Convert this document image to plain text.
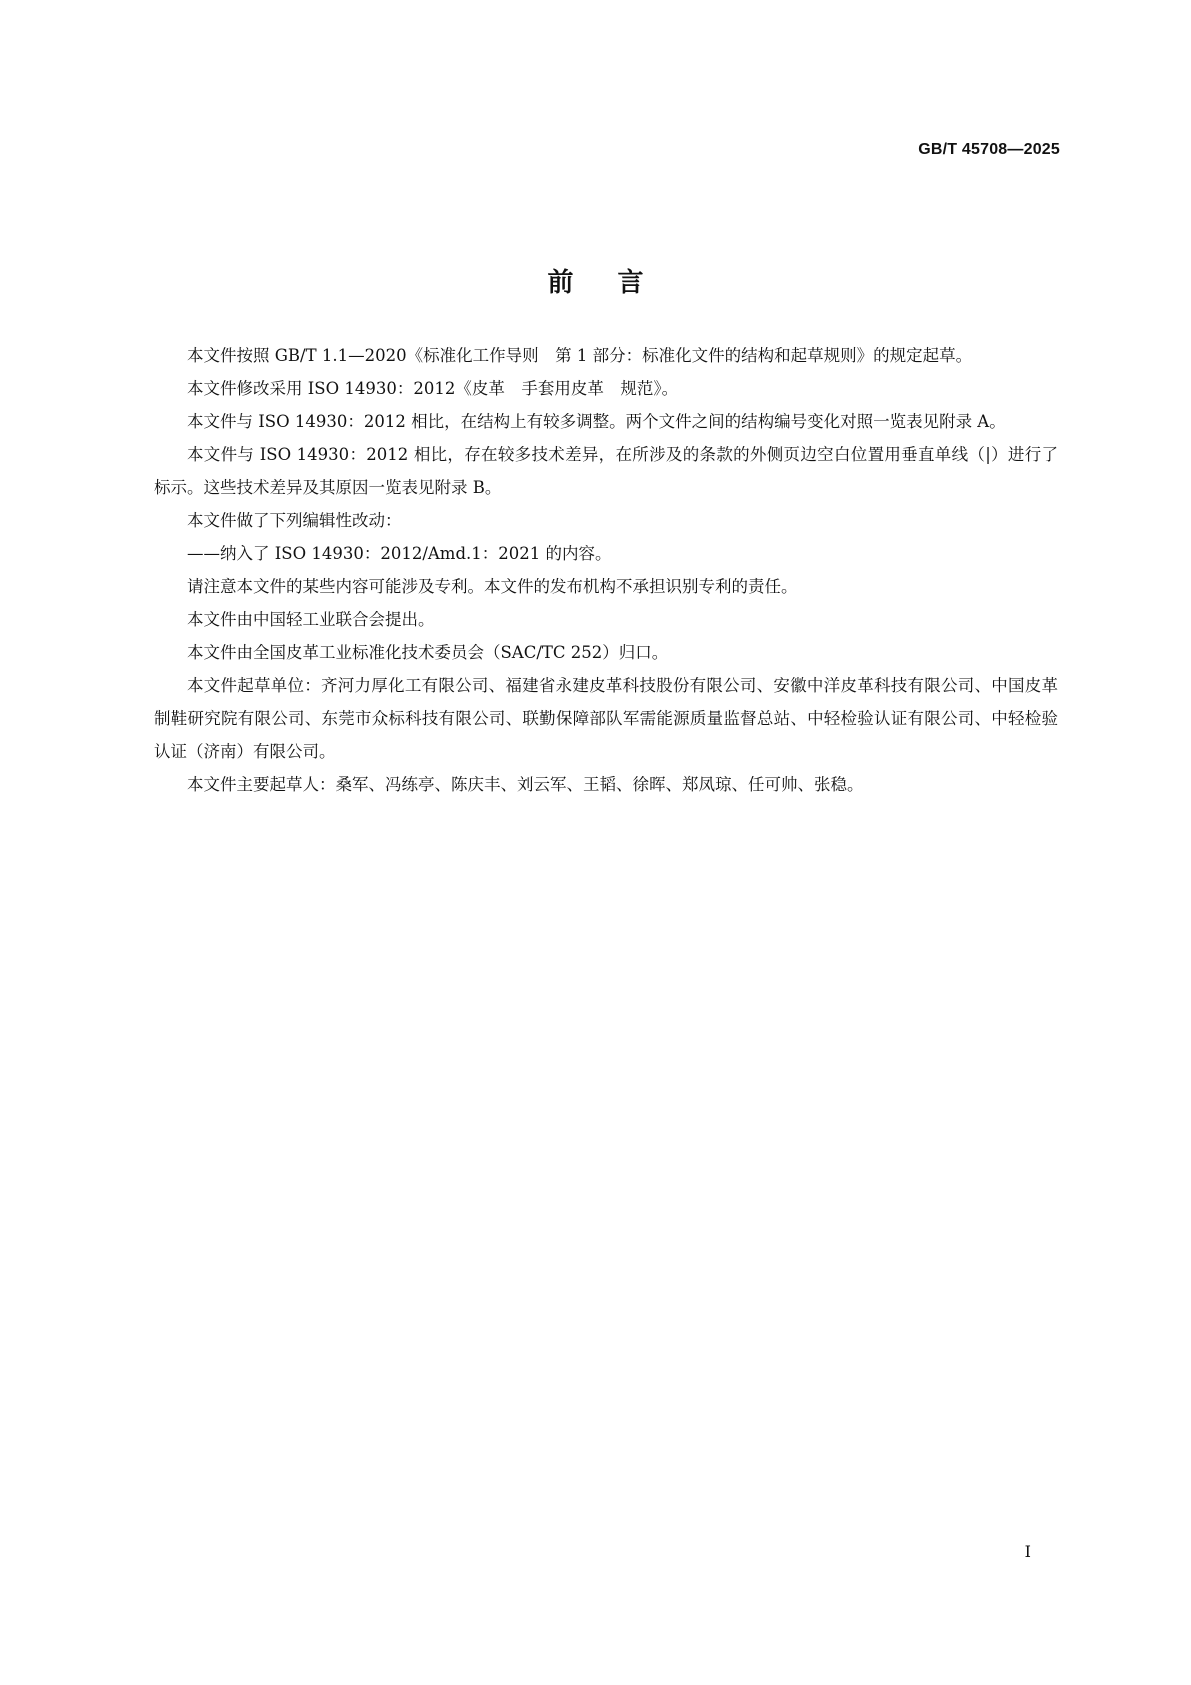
GB/T 45708—2025
前言

本文件按照 GB/T 1.1—2020《标准化工作导则　第 1 部分：标准化文件的结构和起草规则》的规定起草。

本文件修改采用 ISO 14930：2012《皮革　手套用皮革　规范》。

本文件与 ISO 14930：2012 相比，在结构上有较多调整。两个文件之间的结构编号变化对照一览表见附录 A。

本文件与 ISO 14930：2012 相比，存在较多技术差异，在所涉及的条款的外侧页边空白位置用垂直单线（|）进行了标示。这些技术差异及其原因一览表见附录 B。

本文件做了下列编辑性改动：

——纳入了 ISO 14930：2012/Amd.1：2021 的内容。

请注意本文件的某些内容可能涉及专利。本文件的发布机构不承担识别专利的责任。

本文件由中国轻工业联合会提出。

本文件由全国皮革工业标准化技术委员会（SAC/TC 252）归口。

本文件起草单位：齐河力厚化工有限公司、福建省永建皮革科技股份有限公司、安徽中洋皮革科技有限公司、中国皮革制鞋研究院有限公司、东莞市众标科技有限公司、联勤保障部队军需能源质量监督总站、中轻检验认证有限公司、中轻检验认证（济南）有限公司。

本文件主要起草人：桑军、冯练亭、陈庆丰、刘云军、王韬、徐晖、郑凤琼、任可帅、张稳。

I
